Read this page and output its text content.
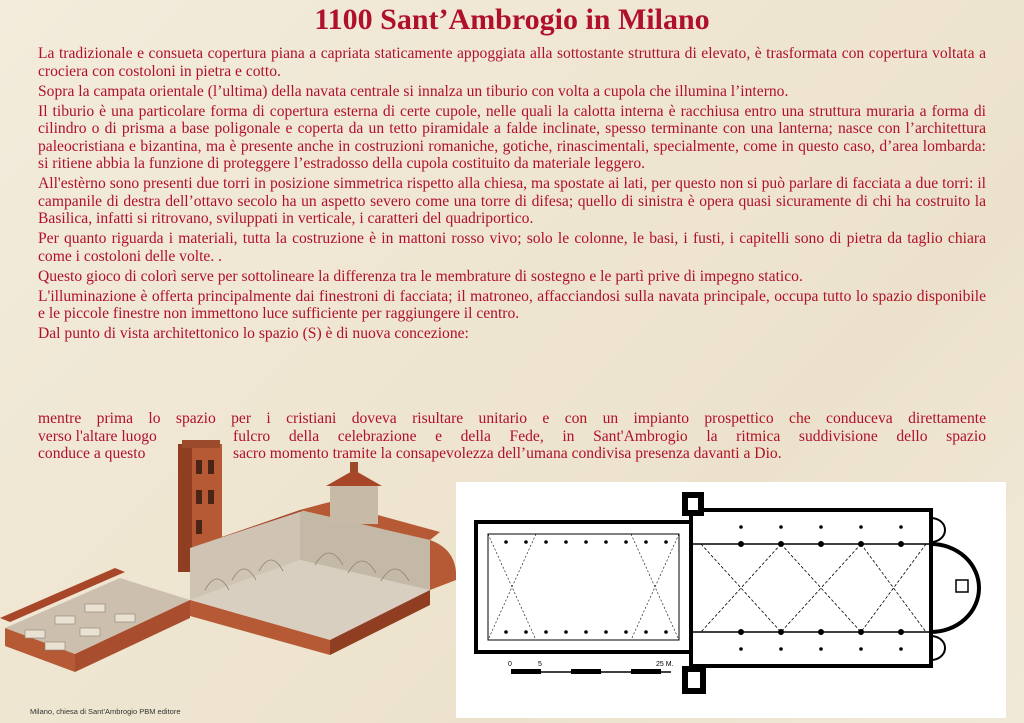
1100 Sant’Ambrogio in Milano

La tradizionale e consueta copertura piana a capriata staticamente appoggiata alla sottostante struttura di elevato, è trasformata con copertura voltata a crociera con costoloni in pietra e cotto.

Sopra la campata orientale (l’ultima) della navata centrale si innalza un tiburio con volta a cupola che illumina l’interno.

Il tiburio è una particolare forma di copertura esterna di certe cupole, nelle quali la calotta interna è racchiusa entro una struttura muraria a forma di cilindro o di prisma a base poligonale e coperta da un tetto piramidale a falde inclinate, spesso terminante con una lanterna; nasce con l’architettura paleocristiana e bizantina, ma è presente anche in costruzioni romaniche, gotiche, rinascimentali, specialmente, come in questo caso, d’area lombarda: si ritiene abbia la funzione di proteggere l’estradosso della cupola costituito da materiale leggero.

All'estèrno sono presenti due torri in posizione simmetrica rispetto alla chiesa, ma spostate ai lati, per questo non si può parlare di facciata a due torri: il campanile di destra dell’ottavo secolo ha un aspetto severo come una torre di difesa; quello di sinistra è opera quasi sicuramente di chi ha costruito la Basilica, infatti si ritrovano, sviluppati in verticale, i caratteri del quadriporticо.

Per quanto riguarda i materiali, tutta la costruzione è in mattoni rosso vivo; solo le colonne, le basi, i fusti, i capitelli sono di pietra da taglio chiara come i costoloni delle volte. .

Questo gioco di colorì serve per sottolineare la differenza tra le membrature di sostegno e le partì prive di impegno statico.

L'illuminazione è offerta principalmente dai finestroni di facciata; il matroneo, affacciandosi sulla navata principale, occupa tutto lo spazio disponibile e le piccole finestre non immettono luce sufficiente per raggiungere il centro.

Dal punto di vista architettonico lo spazio (S) è di nuova concezione:

mentre prima lo spazio per i cristiani doveva risultare unitario e con un impianto prospettico che conduceva direttamente
verso l'altare luogo	fulcro della celebrazione e della Fede, in Sant'Ambrogio la ritmica suddivisione dello spazio
conduce a questo	sacro momento tramite la consapevolezza dell’umana condivisa presenza davanti a Dio.
Milano, chiesa di Sant’Ambrogio PBM editore
0	5	25 M.
